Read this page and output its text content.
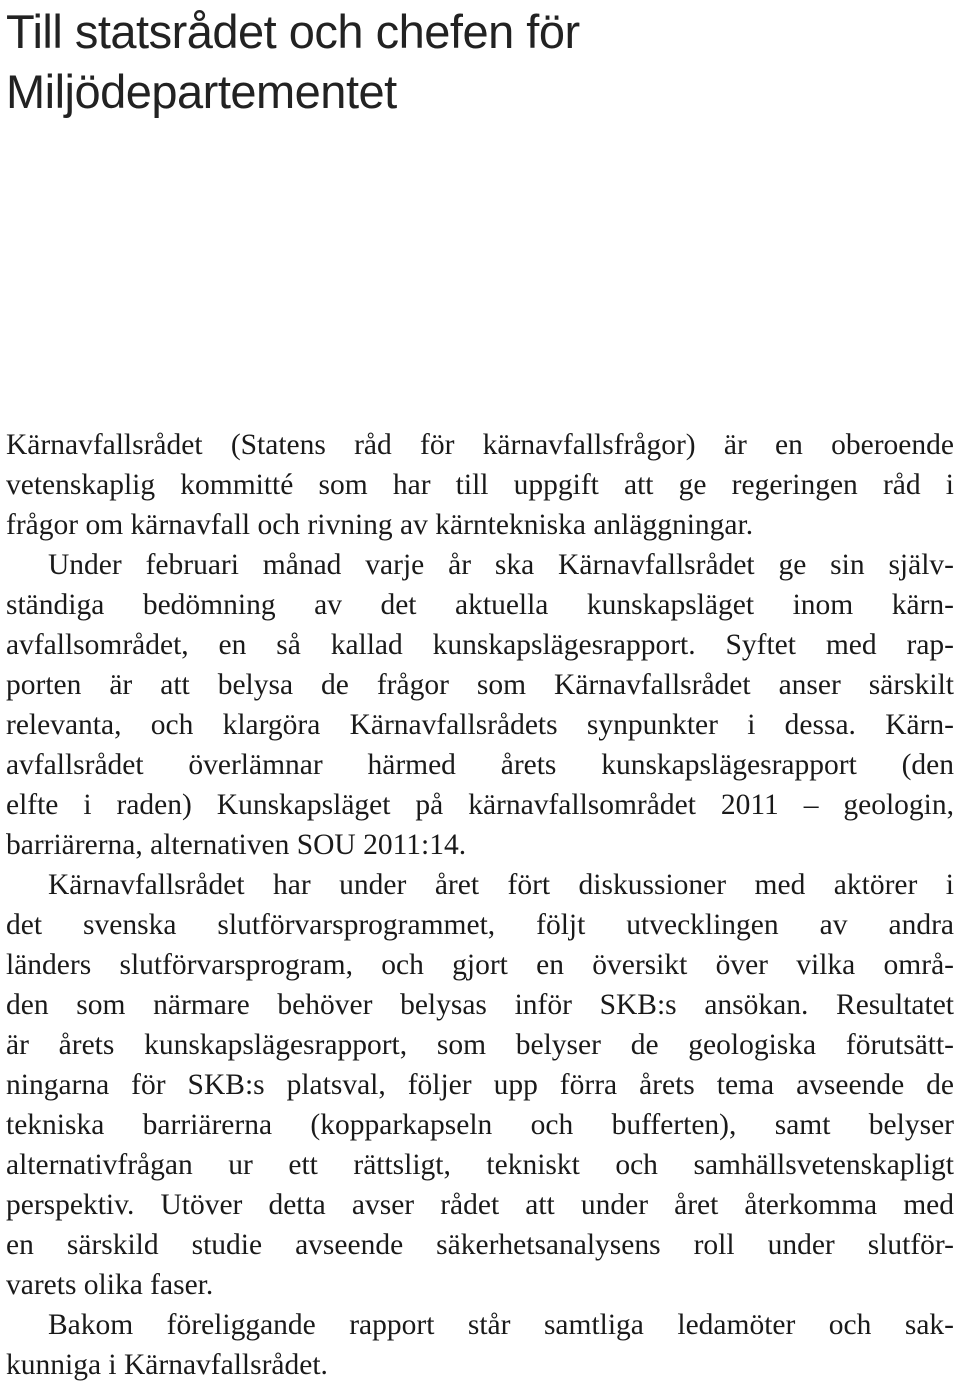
Till statsrådet och chefen för
Miljödepartementet

Kärnavfallsrådet (Statens råd för kärnavfallsfrågor) är en oberoende
vetenskaplig kommitté som har till uppgift att ge regeringen råd i
frågor om kärnavfall och rivning av kärntekniska anläggningar.
Under februari månad varje år ska Kärnavfallsrådet ge sin själv-
ständiga bedömning av det aktuella kunskapsläget inom kärn-
avfallsområdet, en så kallad kunskapslägesrapport. Syftet med rap-
porten är att belysa de frågor som Kärnavfallsrådet anser särskilt
relevanta, och klargöra Kärnavfallsrådets synpunkter i dessa. Kärn-
avfallsrådet överlämnar härmed årets kunskapslägesrapport (den
elfte i raden) Kunskapsläget på kärnavfallsområdet 2011 – geologin,
barriärerna, alternativen SOU 2011:14.

Kärnavfallsrådet har under året fört diskussioner med aktörer i
det svenska slutförvarsprogrammet, följt utvecklingen av andra
länders slutförvarsprogram, och gjort en översikt över vilka områ-
den som närmare behöver belysas inför SKB:s ansökan. Resultatet
är årets kunskapslägesrapport, som belyser de geologiska förutsätt-
ningarna för SKB:s platsval, följer upp förra årets tema avseende de
tekniska barriärerna (kopparkapseln och bufferten), samt belyser
alternativfrågan ur ett rättsligt, tekniskt och samhällsvetenskapligt
perspektiv. Utöver detta avser rådet att under året återkomma med
en särskild studie avseende säkerhetsanalysens roll under slutför-
varets olika faser.

Bakom föreliggande rapport står samtliga ledamöter och sak-
kunniga i Kärnavfallsrådet.
